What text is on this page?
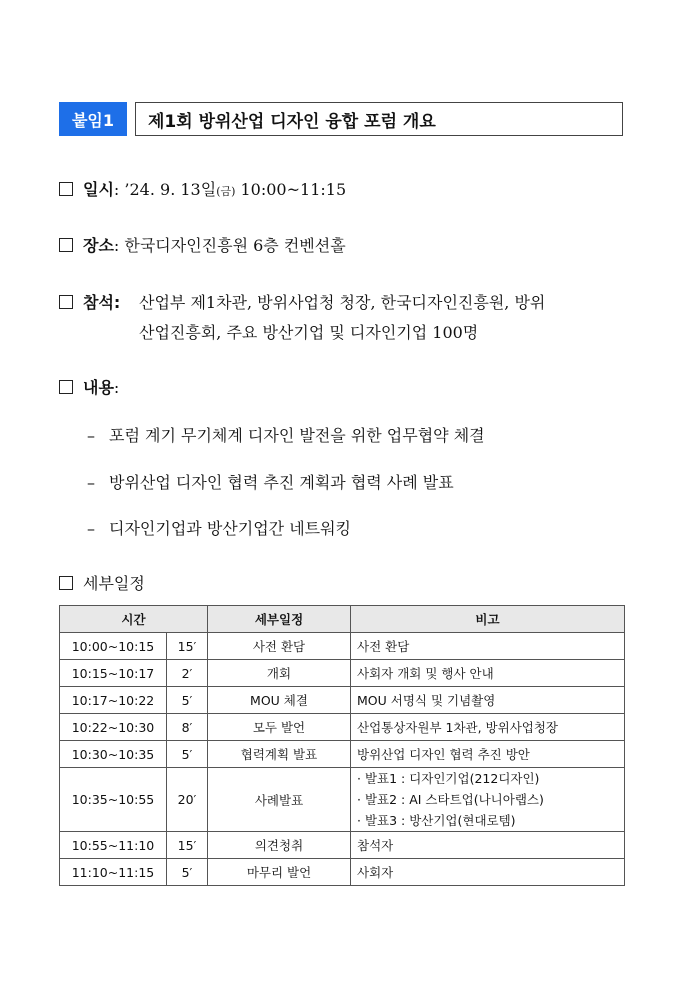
붙임1	제1회 방위산업 디자인 융합 포럼 개요
일시: ’24. 9. 13일(금) 10:00~11:15
장소: 한국디자인진흥원 6층 컨벤션홀
참석: 산업부 제1차관, 방위사업청 청장, 한국디자인진흥원, 방위
산업진흥회, 주요 방산기업 및 디자인기업 100명
내용:
– 포럼 계기 무기체계 디자인 발전을 위한 업무협약 체결
– 방위산업 디자인 협력 추진 계획과 협력 사례 발표
– 디자인기업과 방산기업간 네트워킹
세부일정
시간		세부일정	비고
10:00~10:15	15′	사전 환담	사전 환담
10:15~10:17	2′	개회	사회자 개회 및 행사 안내
10:17~10:22	5′	MOU 체결	MOU 서명식 및 기념촬영
10:22~10:30	8′	모두 발언	산업통상자원부 1차관, 방위사업청장
10:30~10:35	5′	협력계획 발표	방위산업 디자인 협력 추진 방안
10:35~10:55	20′	사례발표	· 발표1 : 디자인기업(212디자인)
· 발표2 : AI 스타트업(나니아랩스)
· 발표3 : 방산기업(현대로템)

10:55~11:10	15′	의견청취	참석자
11:10~11:15	5′	마무리 발언	사회자
